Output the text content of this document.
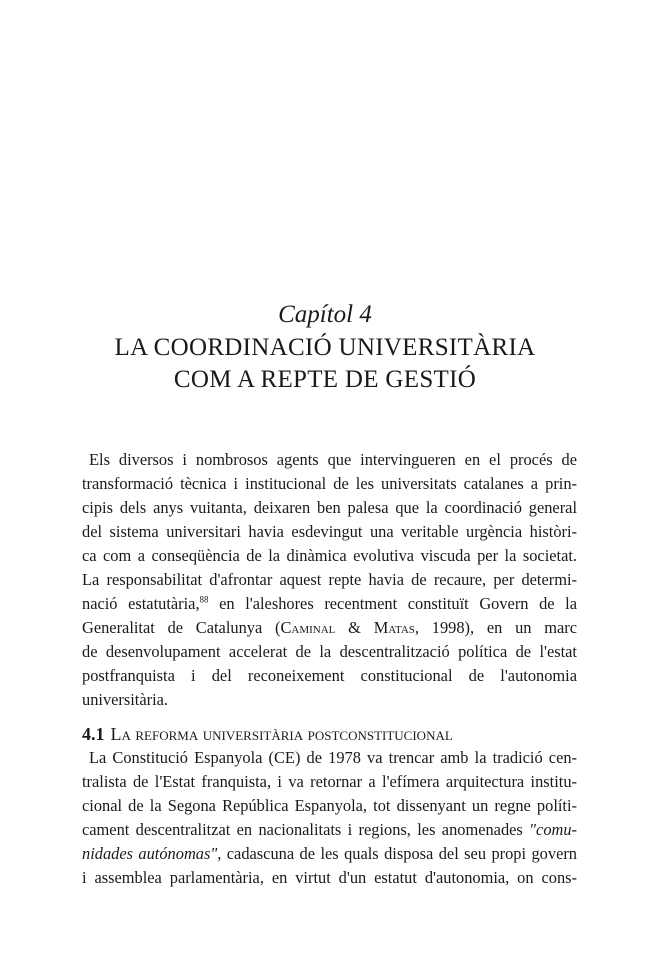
Capítol 4
LA COORDINACIÓ UNIVERSITÀRIA
COM A REPTE DE GESTIÓ
Els diversos i nombrosos agents que intervingueren en el procés de
transformació tècnica i institucional de les universitats catalanes a prin-
cipis dels anys vuitanta, deixaren ben palesa que la coordinació general
del sistema universitari havia esdevingut una veritable urgència històri-
ca com a conseqüència de la dinàmica evolutiva viscuda per la societat.
La responsabilitat d'afrontar aquest repte havia de recaure, per determi-
nació estatutària,$^{88}$ en l'aleshores recentment constituït Govern de la
Generalitat de Catalunya (Caminal & Matas, 1998), en un marc
de desenvolupament accelerat de la descentralització política de l'estat
postfranquista i del reconeixement constitucional de l'autonomia
universitària.
4.1 La reforma universitària postconstitucional
La Constitució Espanyola (CE) de 1978 va trencar amb la tradició cen-
tralista de l'Estat franquista, i va retornar a l'efímera arquitectura institu-
cional de la Segona República Espanyola, tot dissenyant un regne políti-
cament descentralitzat en nacionalitats i regions, les anomenades "comu-
nidades autónomas", cadascuna de les quals disposa del seu propi govern
i assemblea parlamentària, en virtut d'un estatut d'autonomia, on cons-
